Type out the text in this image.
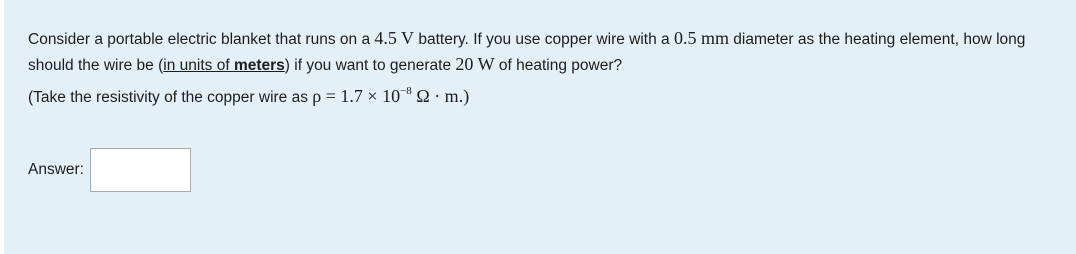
Consider a portable electric blanket that runs on a 4.5 V battery. If you use copper wire with a 0.5 mm diameter as the heating element, how long should the wire be (in units of meters) if you want to generate 20 W of heating power?

(Take the resistivity of the copper wire as $\rho = 1.7 \times 10^{-8}$ Ω · m.)

Answer:
